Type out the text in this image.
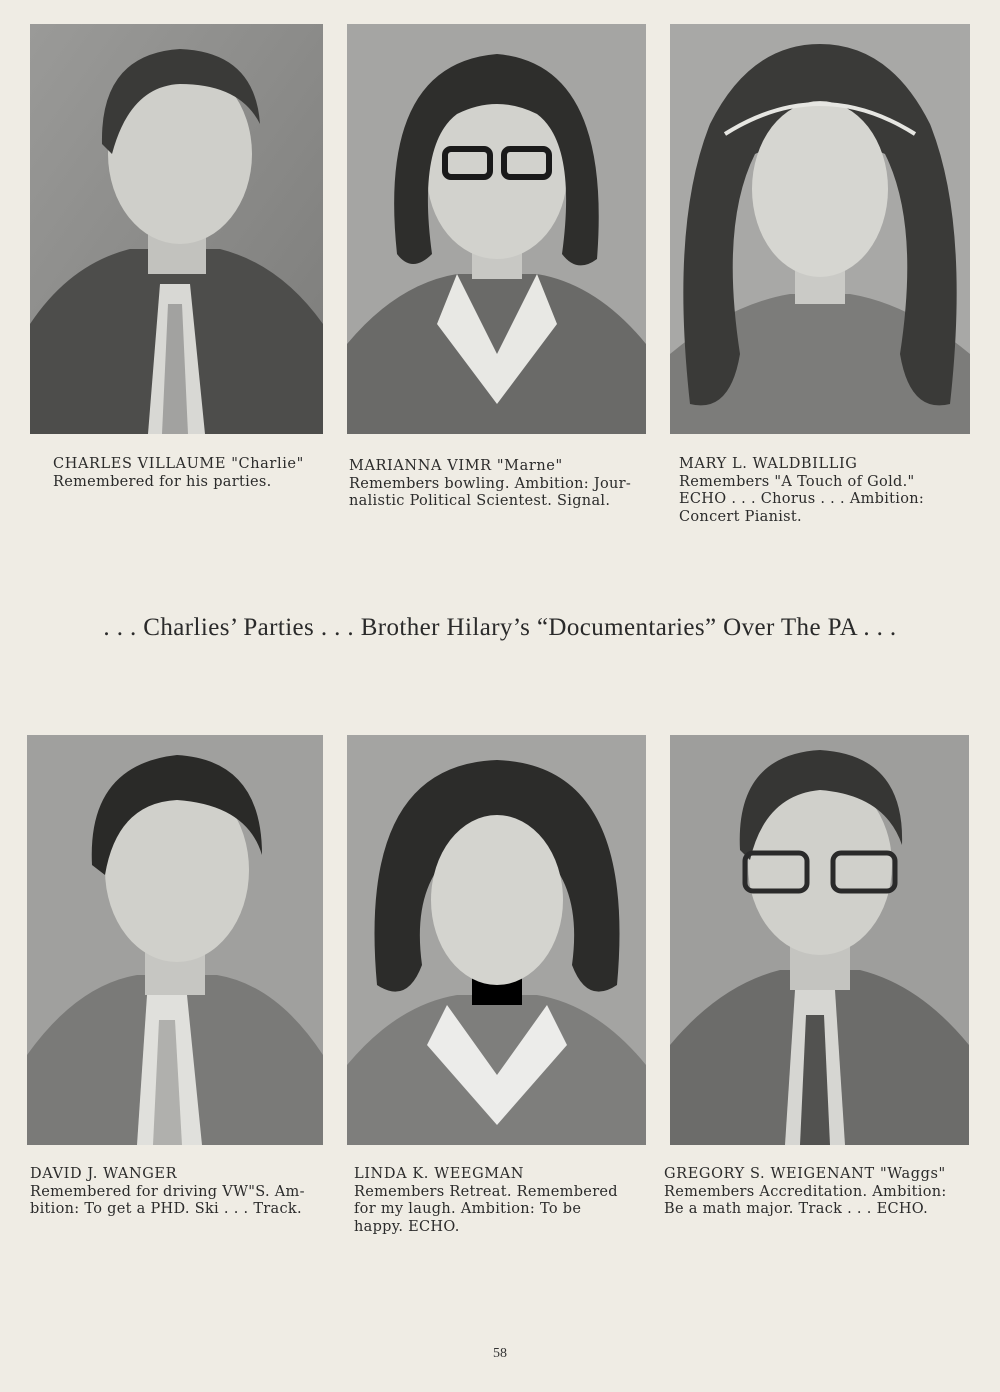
CHARLES VILLAUME "Charlie"
Remembered for his parties.
MARIANNA VIMR "Marne"
Remembers bowling. Ambition: Jour-
nalistic Political Scientest. Signal.
MARY L. WALDBILLIG
Remembers "A Touch of Gold."
ECHO . . . Chorus . . . Ambition:
Concert Pianist.
. . . Charlies’ Parties . . . Brother Hilary’s “Documentaries” Over The PA . . .
DAVID J. WANGER
Remembered for driving VW"S. Am-
bition: To get a PHD. Ski . . . Track.
LINDA K. WEEGMAN
Remembers Retreat. Remembered
for my laugh. Ambition: To be
happy. ECHO.
GREGORY S. WEIGENANT "Waggs"
Remembers Accreditation. Ambition:
Be a math major. Track . . . ECHO.
58
